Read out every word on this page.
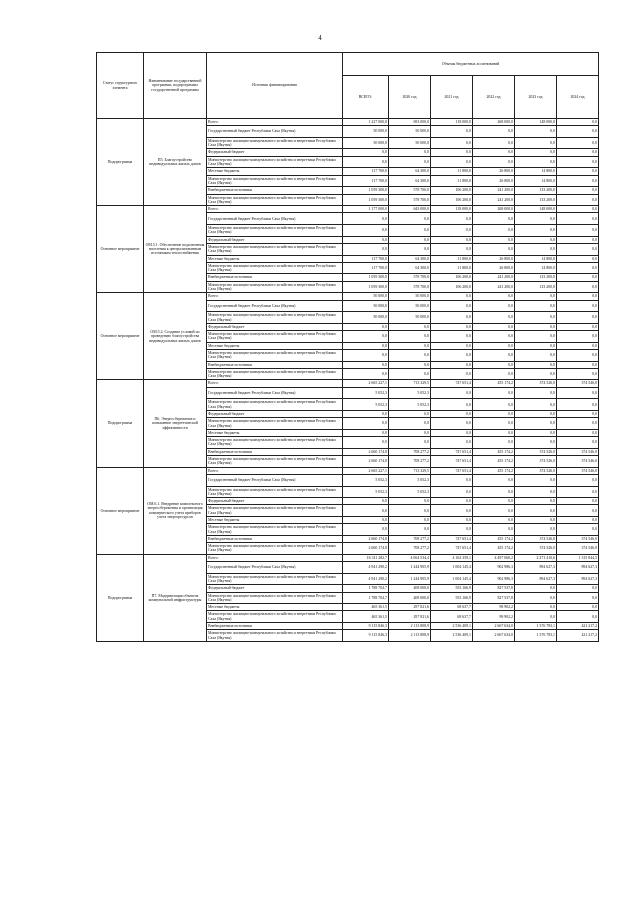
4
Статус структурного элемента	Наименование государственной программы, подпрограммы государственной программы	Источник финансирования	Объемы бюджетных ассигнований					
			ВСЕГО:	2020 год	2021 год	2022 год	2023 год	2024 год
Подпрограмма	П5. Благоустройство индивидуальных жилых домов	Всего:	1 227 000,0	693 000,0	118 000,0	268 000,0	148 000,0	0,0
		Государственный бюджет Республики Саха (Якутия)	50 000,0	50 000,0	0,0	0,0	0,0	0,0
		Министерство жилищно-коммунального хозяйства и энергетики Республики Саха (Якутия)	50 000,0	50 000,0	0,0	0,0	0,0	0,0
		Федеральный бюджет	0,0	0,0	0,0	0,0	0,0	0,0
		Министерство жилищно-коммунального хозяйства и энергетики Республики Саха (Якутия)	0,0	0,0	0,0	0,0	0,0	0,0
		Местные бюджеты	117 700,0	64 300,0	11 800,0	26 800,0	14 800,0	0,0
		Министерство жилищно-коммунального хозяйства и энергетики Республики Саха (Якутия)	117 700,0	64 300,0	11 800,0	26 800,0	14 800,0	0,0
		Внебюджетные источники	1 059 300,0	578 700,0	106 200,0	241 200,0	133 200,0	0,0
		Министерство жилищно-коммунального хозяйства и энергетики Республики Саха (Якутия)	1 059 300,0	578 700,0	106 200,0	241 200,0	133 200,0	0,0
Основное мероприятие	ОМ.5.1. Обеспечение подключения населения к централизованным источникам теплоснабжения	Всего:	1 177 000,0	643 000,0	118 000,0	268 000,0	148 000,0	0,0
		Государственный бюджет Республики Саха (Якутия)	0,0	0,0	0,0	0,0	0,0	0,0
		Министерство жилищно-коммунального хозяйства и энергетики Республики Саха (Якутия)	0,0	0,0	0,0	0,0	0,0	0,0
		Федеральный бюджет	0,0	0,0	0,0	0,0	0,0	0,0
		Министерство жилищно-коммунального хозяйства и энергетики Республики Саха (Якутия)	0,0	0,0	0,0	0,0	0,0	0,0
		Местные бюджеты	117 700,0	64 300,0	11 800,0	26 800,0	14 800,0	0,0
		Министерство жилищно-коммунального хозяйства и энергетики Республики Саха (Якутия)	117 700,0	64 300,0	11 800,0	26 800,0	14 800,0	0,0
		Внебюджетные источники	1 059 300,0	578 700,0	106 200,0	241 200,0	133 200,0	0,0
		Министерство жилищно-коммунального хозяйства и энергетики Республики Саха (Якутия)	1 059 300,0	578 700,0	106 200,0	241 200,0	133 200,0	0,0
Основное мероприятие	ОМ.5.2. Создание условий по проведению благоустройства индивидуальных жилых домов	Всего:	50 000,0	50 000,0	0,0	0,0	0,0	0,0
		Государственный бюджет Республики Саха (Якутия)	50 000,0	50 000,0	0,0	0,0	0,0	0,0
		Министерство жилищно-коммунального хозяйства и энергетики Республики Саха (Якутия)	50 000,0	50 000,0	0,0	0,0	0,0	0,0
		Федеральный бюджет	0,0	0,0	0,0	0,0	0,0	0,0
		Министерство жилищно-коммунального хозяйства и энергетики Республики Саха (Якутия)	0,0	0,0	0,0	0,0	0,0	0,0
		Местные бюджеты	0,0	0,0	0,0	0,0	0,0	0,0
		Министерство жилищно-коммунального хозяйства и энергетики Республики Саха (Якутия)	0,0	0,0	0,0	0,0	0,0	0,0
		Внебюджетные источники	0,0	0,0	0,0	0,0	0,0	0,0
		Министерство жилищно-коммунального хозяйства и энергетики Республики Саха (Якутия)	0,0	0,0	0,0	0,0	0,0	0,0
Подпрограмма	П6. Энергосбережение и повышение энергетической эффективности	Всего:	2 665 227,1	713 329,5	747 651,4	455 174,2	374 526,0	374 546,0
		Государственный бюджет Республики Саха (Якутия)	5 052,3	5 052,3	0,0	0,0	0,0	0,0
		Министерство жилищно-коммунального хозяйства и энергетики Республики Саха (Якутия)	5 052,3	5 052,3	0,0	0,0	0,0	0,0
		Федеральный бюджет	0,0	0,0	0,0	0,0	0,0	0,0
		Министерство жилищно-коммунального хозяйства и энергетики Республики Саха (Якутия)	0,0	0,0	0,0	0,0	0,0	0,0
		Местные бюджеты	0,0	0,0	0,0	0,0	0,0	0,0
		Министерство жилищно-коммунального хозяйства и энергетики Республики Саха (Якутия)	0,0	0,0	0,0	0,0	0,0	0,0
		Внебюджетные источники	2 660 174,8	708 277,2	747 651,4	455 174,2	374 526,0	374 546,0
		Министерство жилищно-коммунального хозяйства и энергетики Республики Саха (Якутия)	2 660 174,8	708 277,2	747 651,4	455 174,2	374 526,0	374 546,0
Основное мероприятие	ОМ.6.1. Внедрение комплексного энергосбережения и организация коммерческого учета приборов учета энергоресурсов	Всего:	2 665 227,1	713 329,5	747 651,4	455 174,2	374 526,0	374 546,0
		Государственный бюджет Республики Саха (Якутия)	5 052,3	5 052,3	0,0	0,0	0,0	0,0
		Министерство жилищно-коммунального хозяйства и энергетики Республики Саха (Якутия)	5 052,3	5 052,3	0,0	0,0	0,0	0,0
		Федеральный бюджет	0,0	0,0	0,0	0,0	0,0	0,0
		Министерство жилищно-коммунального хозяйства и энергетики Республики Саха (Якутия)	0,0	0,0	0,0	0,0	0,0	0,0
		Местные бюджеты	0,0	0,0	0,0	0,0	0,0	0,0
		Министерство жилищно-коммунального хозяйства и энергетики Республики Саха (Якутия)	0,0	0,0	0,0	0,0	0,0	0,0
		Внебюджетные источники	2 660 174,8	708 277,2	747 651,4	455 174,2	374 526,0	374 546,0
		Министерство жилищно-коммунального хозяйства и энергетики Республики Саха (Якутия)	2 660 174,8	708 277,2	747 651,4	455 174,2	374 526,0	374 546,0
Подпрограмма	П7. Модернизация объектов коммунальной инфраструктуры	Всего:	16 311 282,7	4 064 534,4	4 162 359,1	4 497 060,2	2 271 410,6	1 315 844,5
		Государственный бюджет Республики Саха (Якутия)	4 941 290,2	1 244 905,9	1 004 145,4	902 986,3	894 627,3	894 627,3
		Министерство жилищно-коммунального хозяйства и энергетики Республики Саха (Якутия)	4 941 290,2	1 244 905,9	1 004 145,4	902 986,3	894 627,3	894 627,3
		Федеральный бюджет	1 788 704,7	408 000,0	553 166,9	827 537,8	0,0	0,0
		Министерство жилищно-коммунального хозяйства и энергетики Республики Саха (Якутия)	1 788 704,7	408 000,0	553 166,9	827 537,8	0,0	0,0
		Местные бюджеты	465 361,5	297 821,6	68 637,7	98 902,2	0,0	0,0
		Министерство жилищно-коммунального хозяйства и энергетики Республики Саха (Якутия)	465 361,5	297 821,6	68 637,7	98 902,2	0,0	0,0
		Внебюджетные источники	9 115 846,3	2 113 808,9	2 536 409,1	2 667 634,0	1 376 783,1	421 217,2
		Министерство жилищно-коммунального хозяйства и энергетики Республики Саха (Якутия)	9 115 846,3	2 113 808,9	2 536 409,1	2 667 634,0	1 376 783,1	421 217,2
